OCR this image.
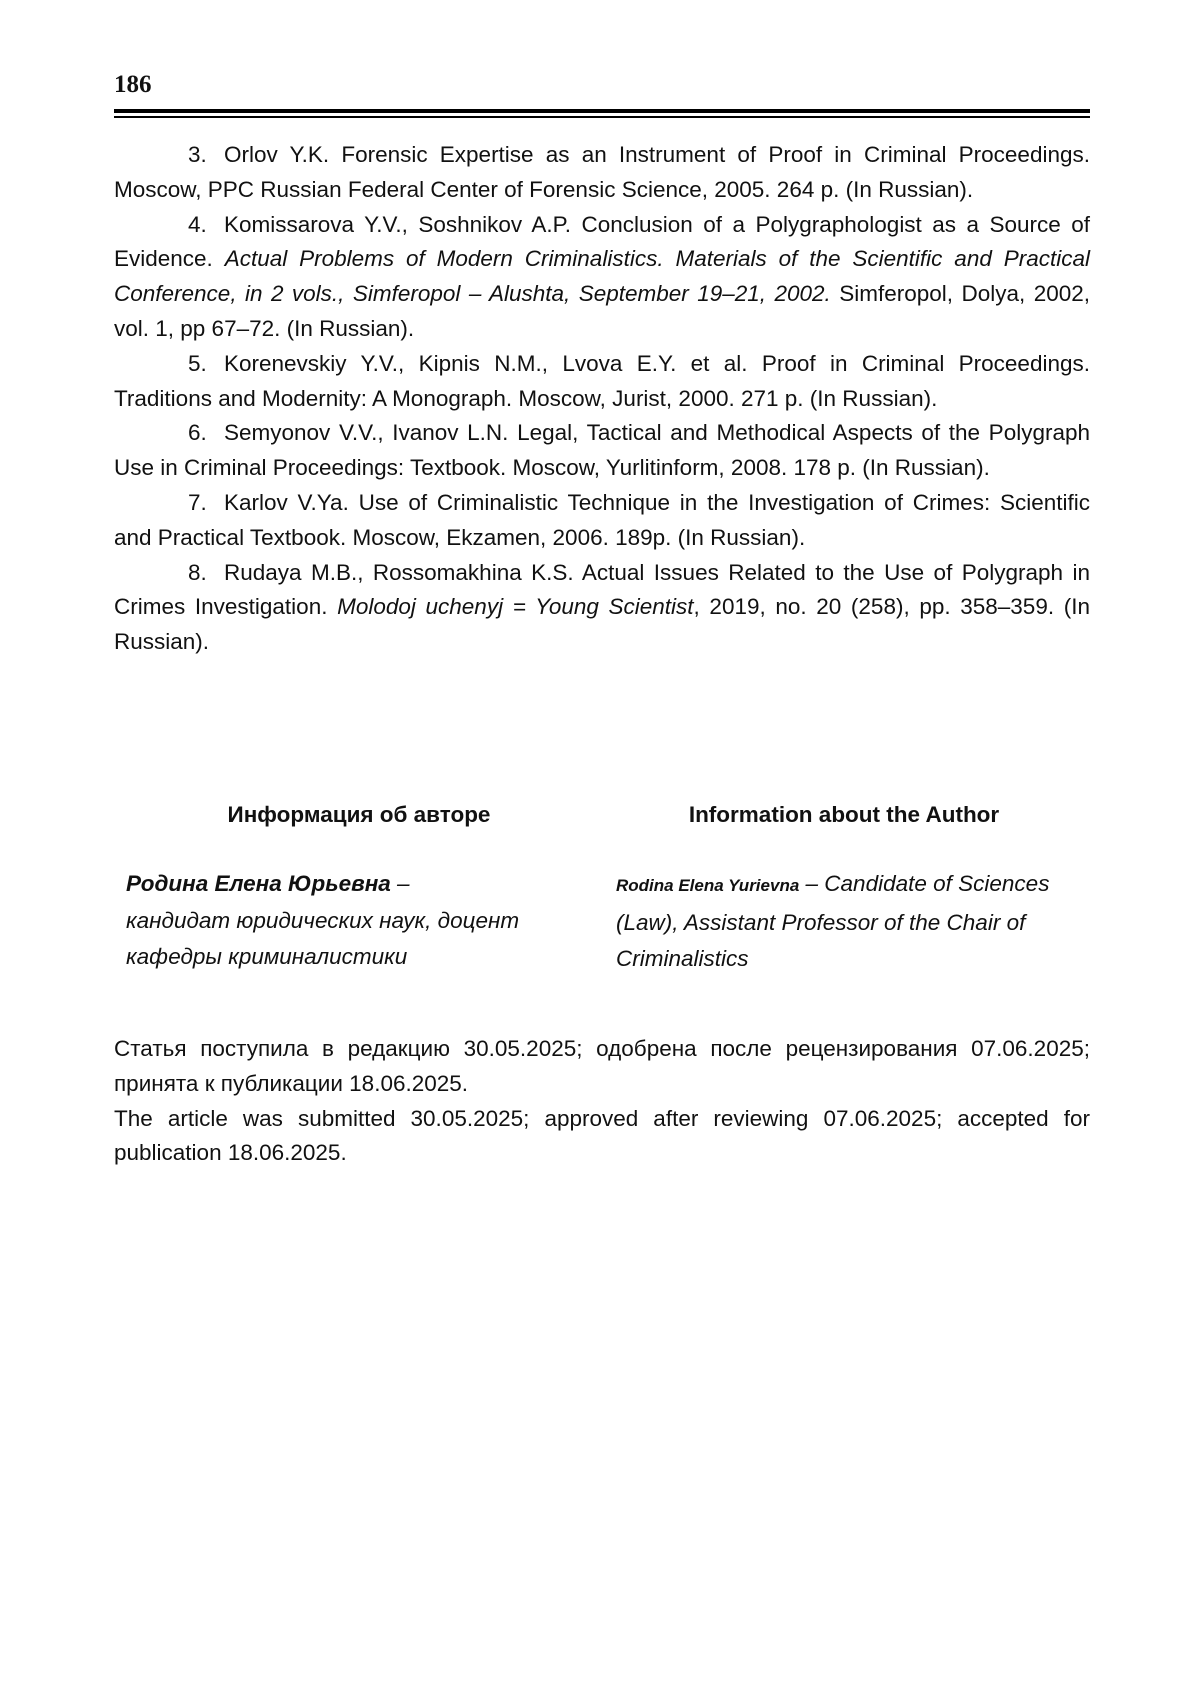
186

3. Orlov Y.K. Forensic Expertise as an Instrument of Proof in Criminal Proceedings. Moscow, PPC Russian Federal Center of Forensic Science, 2005. 264 p. (In Russian).

4. Komissarova Y.V., Soshnikov A.P. Conclusion of a Polygraphologist as a Source of Evidence. Actual Problems of Modern Criminalistics. Materials of the Scientific and Practical Conference, in 2 vols., Simferopol – Alushta, September 19–21, 2002. Simferopol, Dolya, 2002, vol. 1, pp 67–72. (In Russian).

5. Korenevskiy Y.V., Kipnis N.M., Lvova E.Y. et al. Proof in Criminal Proceedings. Traditions and Modernity: A Monograph. Moscow, Jurist, 2000. 271 p. (In Russian).

6. Semyonov V.V., Ivanov L.N. Legal, Tactical and Methodical Aspects of the Polygraph Use in Criminal Proceedings: Textbook. Moscow, Yurlitinform, 2008. 178 p. (In Russian).

7. Karlov V.Ya. Use of Criminalistic Technique in the Investigation of Crimes: Scientific and Practical Textbook. Moscow, Ekzamen, 2006. 189p. (In Russian).

8. Rudaya M.B., Rossomakhina K.S. Actual Issues Related to the Use of Polygraph in Crimes Investigation. Molodoj uchenyj = Young Scientist, 2019, no. 20 (258), pp. 358–359. (In Russian).

Информация об авторе	Information about the Author
Родина Елена Юрьевна –
кандидат юридических наук, доцент кафедры криминалистики
Rodina Elena Yurievna – Candidate of Sciences (Law), Assistant Professor of the Chair of Criminalistics

Статья поступила в редакцию 30.05.2025; одобрена после рецензирования 07.06.2025; принята к публикации 18.06.2025.

The article was submitted 30.05.2025; approved after reviewing 07.06.2025; accepted for publication 18.06.2025.
